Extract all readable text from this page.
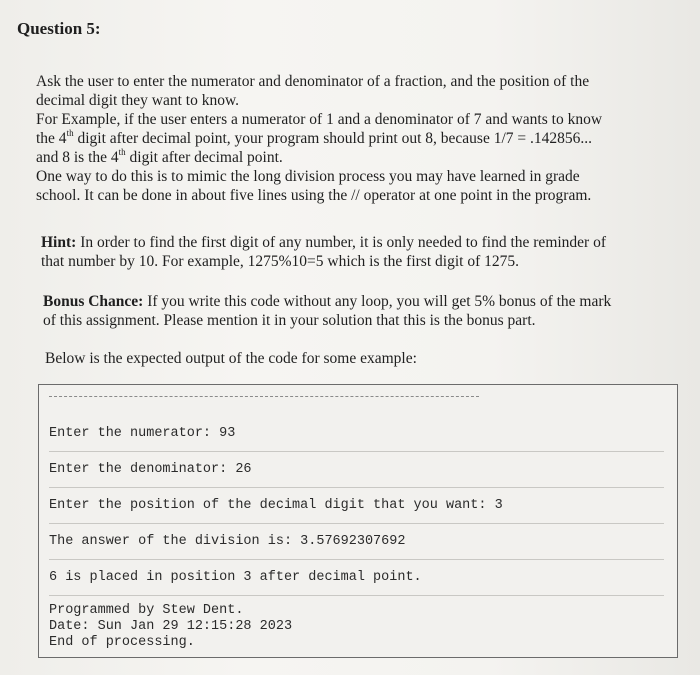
Question 5:
Ask the user to enter the numerator and denominator of a fraction, and the position of the
decimal digit they want to know.
For Example, if the user enters a numerator of 1 and a denominator of 7 and wants to know
the 4th digit after decimal point, your program should print out 8, because 1/7 = .142856...
and 8 is the 4th digit after decimal point.
One way to do this is to mimic the long division process you may have learned in grade
school. It can be done in about five lines using the // operator at one point in the program.
Hint: In order to find the first digit of any number, it is only needed to find the reminder of
that number by 10. For example, 1275%10=5 which is the first digit of 1275.
Bonus Chance: If you write this code without any loop, you will get 5% bonus of the mark
of this assignment. Please mention it in your solution that this is the bonus part.
Below is the expected output of the code for some example:
Enter the numerator: 93
Enter the denominator: 26
Enter the position of the decimal digit that you want: 3
The answer of the division is: 3.57692307692
6 is placed in position 3 after decimal point.
Programmed by Stew Dent.
Date: Sun Jan 29 12:15:28 2023
End of processing.
